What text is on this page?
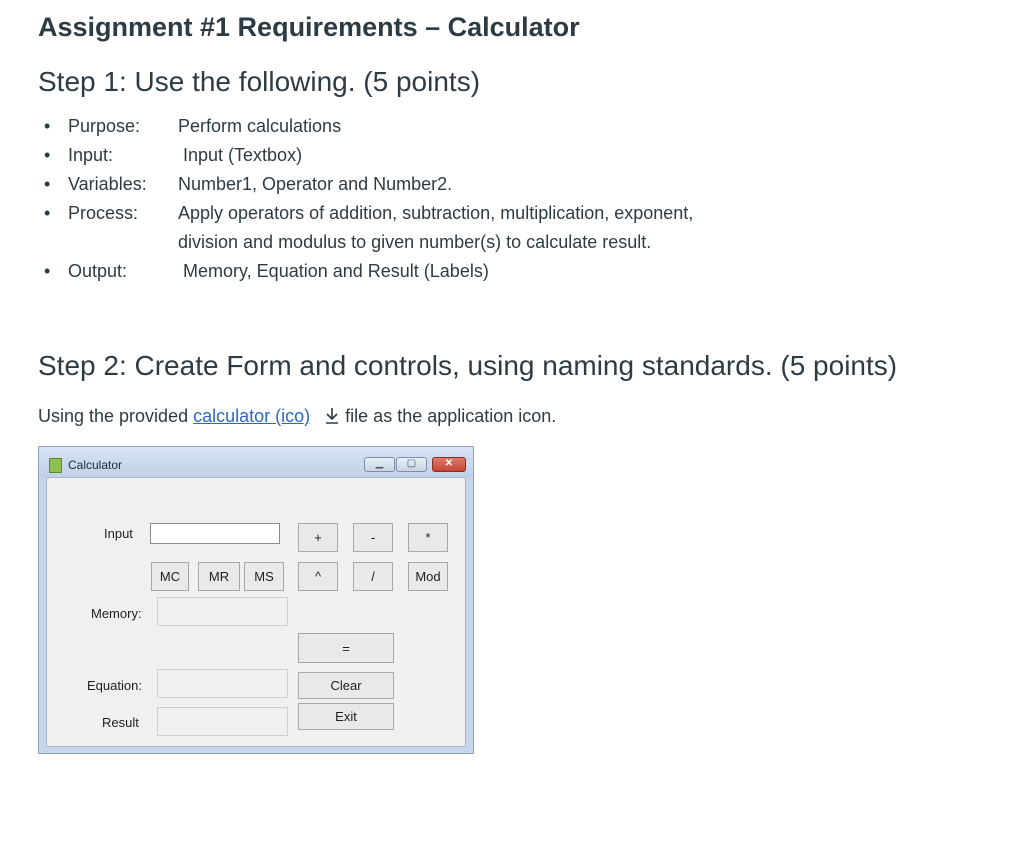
Assignment #1 Requirements – Calculator
Step 1: Use the following. (5 points)
• Purpose:	Perform calculations
• Input:	Input (Textbox)
• Variables:	Number1, Operator and Number2.
• Process:	Apply operators of addition, subtraction, multiplication, exponent, division and modulus to given number(s) to calculate result.
• Output:	Memory, Equation and Result (Labels)
Step 2: Create Form and controls, using naming standards. (5 points)
Using the provided calculator (ico) file as the application icon.
Calculator	▁	▢	✕
Input	+	-	*
MC	MR	MS	^	/	Mod
Memory:
=
Equation:	Clear
Result	Exit
